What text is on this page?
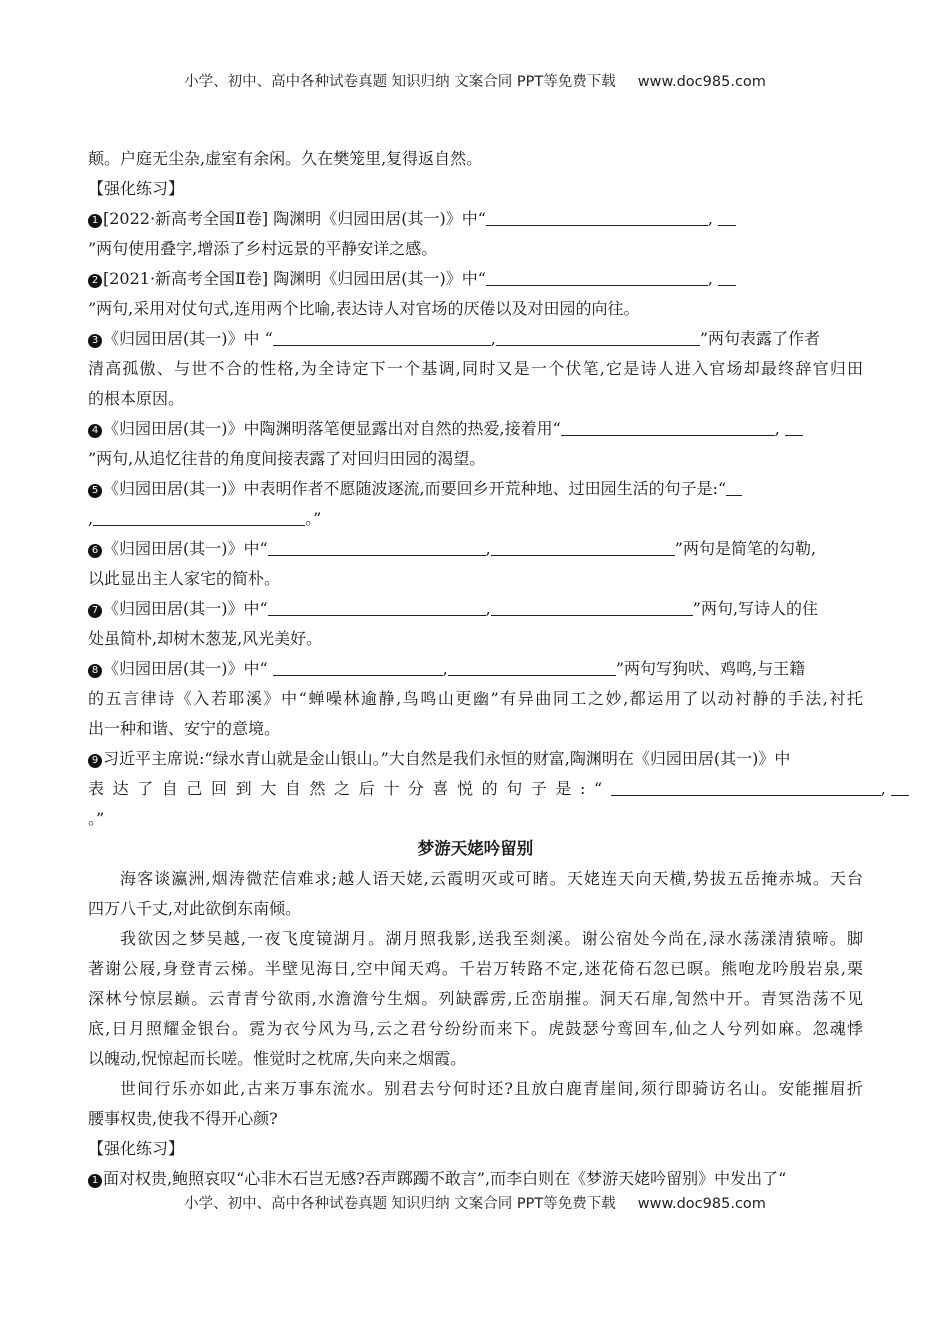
小学、初中、高中各种试卷真题 知识归纳 文案合同 PPT等免费下载 www.doc985.com
颠。户庭无尘杂,虚室有余闲。久在樊笼里,复得返自然。
【强化练习】
1 [2022·新高考全国Ⅱ卷] 陶渊明《归园田居(其一)》中“	,
”两句使用叠字,增添了乡村远景的平静安详之感。
2 [2021·新高考全国Ⅱ卷] 陶渊明《归园田居(其一)》中“	,
”两句,采用对仗句式,连用两个比喻,表达诗人对官场的厌倦以及对田园的向往。
3 《归园田居(其一)》中 “	,	”两句表露了作者
清高孤傲、与世不合的性格,为全诗定下一个基调,同时又是一个伏笔,它是诗人进入官场却最终辞官归田
的根本原因。
4 《归园田居(其一)》中陶渊明落笔便显露出对自然的热爱,接着用“	,
”两句,从追忆往昔的角度间接表露了对回归田园的渴望。
5 《归园田居(其一)》中表明作者不愿随波逐流,而要回乡开荒种地、过田园生活的句子是:“
,	。”
6 《归园田居(其一)》中“	,	”两句是简笔的勾勒,
以此显出主人家宅的简朴。
7 《归园田居(其一)》中“	,	”两句,写诗人的住
处虽简朴,却树木葱茏,风光美好。
8 《归园田居(其一)》中“	,	”两句写狗吠、鸡鸣,与王籍
的五言律诗《入若耶溪》中“蝉噪林逾静,鸟鸣山更幽”有异曲同工之妙,都运用了以动衬静的手法,衬托
出一种和谐、安宁的意境。
9 习近平主席说:“绿水青山就是金山银山。”大自然是我们永恒的财富,陶渊明在《归园田居(其一)》中
表达了自己回到大自然之后十分喜悦的句子是:“	,
。”
梦游天姥吟留别
海客谈瀛洲,烟涛微茫信难求;越人语天姥,云霞明灭或可睹。天姥连天向天横,势拔五岳掩赤城。天台
四万八千丈,对此欲倒东南倾。
我欲因之梦吴越,一夜飞度镜湖月。湖月照我影,送我至剡溪。谢公宿处今尚在,渌水荡漾清猿啼。脚
著谢公屐,身登青云梯。半壁见海日,空中闻天鸡。千岩万转路不定,迷花倚石忽已暝。熊咆龙吟殷岩泉,栗
深林兮惊层巅。云青青兮欲雨,水澹澹兮生烟。列缺霹雳,丘峦崩摧。洞天石扉,訇然中开。青冥浩荡不见
底,日月照耀金银台。霓为衣兮风为马,云之君兮纷纷而来下。虎鼓瑟兮鸾回车,仙之人兮列如麻。忽魂悸
以魄动,怳惊起而长嗟。惟觉时之枕席,失向来之烟霞。
世间行乐亦如此,古来万事东流水。别君去兮何时还?且放白鹿青崖间,须行即骑访名山。安能摧眉折
腰事权贵,使我不得开心颜?
【强化练习】
1 面对权贵,鲍照哀叹“心非木石岂无感?吞声踯躅不敢言”,而李白则在《梦游天姥吟留别》中发出了“
小学、初中、高中各种试卷真题 知识归纳 文案合同 PPT等免费下载 www.doc985.com
